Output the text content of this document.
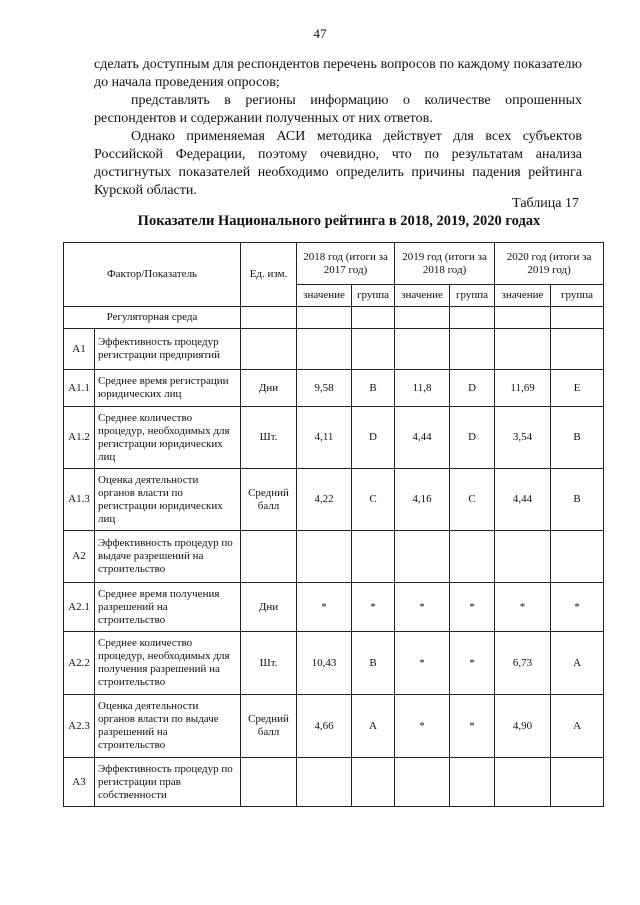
47

сделать доступным для респондентов перечень вопросов по каждому показателю до начала проведения опросов;

представлять в регионы информацию о количестве опрошенных респондентов и содержании полученных от них ответов.

Однако применяемая АСИ методика действует для всех субъектов Российской Федерации, поэтому очевидно, что по результатам анализа достигнутых показателей необходимо определить причины падения рейтинга Курской области.

Таблица 17
Показатели Национального рейтинга в 2018, 2019, 2020 годах
Фактор/Показатель		Ед. изм.	2018 год (итоги за 2017 год)		2019 год (итоги за 2018 год)		2020 год (итоги за 2019 год)	
			значение	группа	значение	группа	значение	группа
Регуляторная среда								
А1	Эффективность процедур регистрации предприятий							
А1.1	Среднее время регистрации юридических лиц	Дни	9,58	В	11,8	D	11,69	Е
А1.2	Среднее количество процедур, необходимых для регистрации юридических лиц	Шт.	4,11	D	4,44	D	3,54	В
А1.3	Оценка деятельности органов власти по регистрации юридических лиц	Средний балл	4,22	С	4,16	С	4,44	В
А2	Эффективность процедур по выдаче разрешений на строительство							
А2.1	Среднее время получения разрешений на строительство	Дни	*	*	*	*	*	*
А2.2	Среднее количество процедур, необходимых для получения разрешений на строительство	Шт.	10,43	В	*	*	6,73	А
А2.3	Оценка деятельности органов власти по выдаче разрешений на строительство	Средний балл	4,66	А	*	*	4,90	А
А3	Эффективность процедур по регистрации прав собственности							
